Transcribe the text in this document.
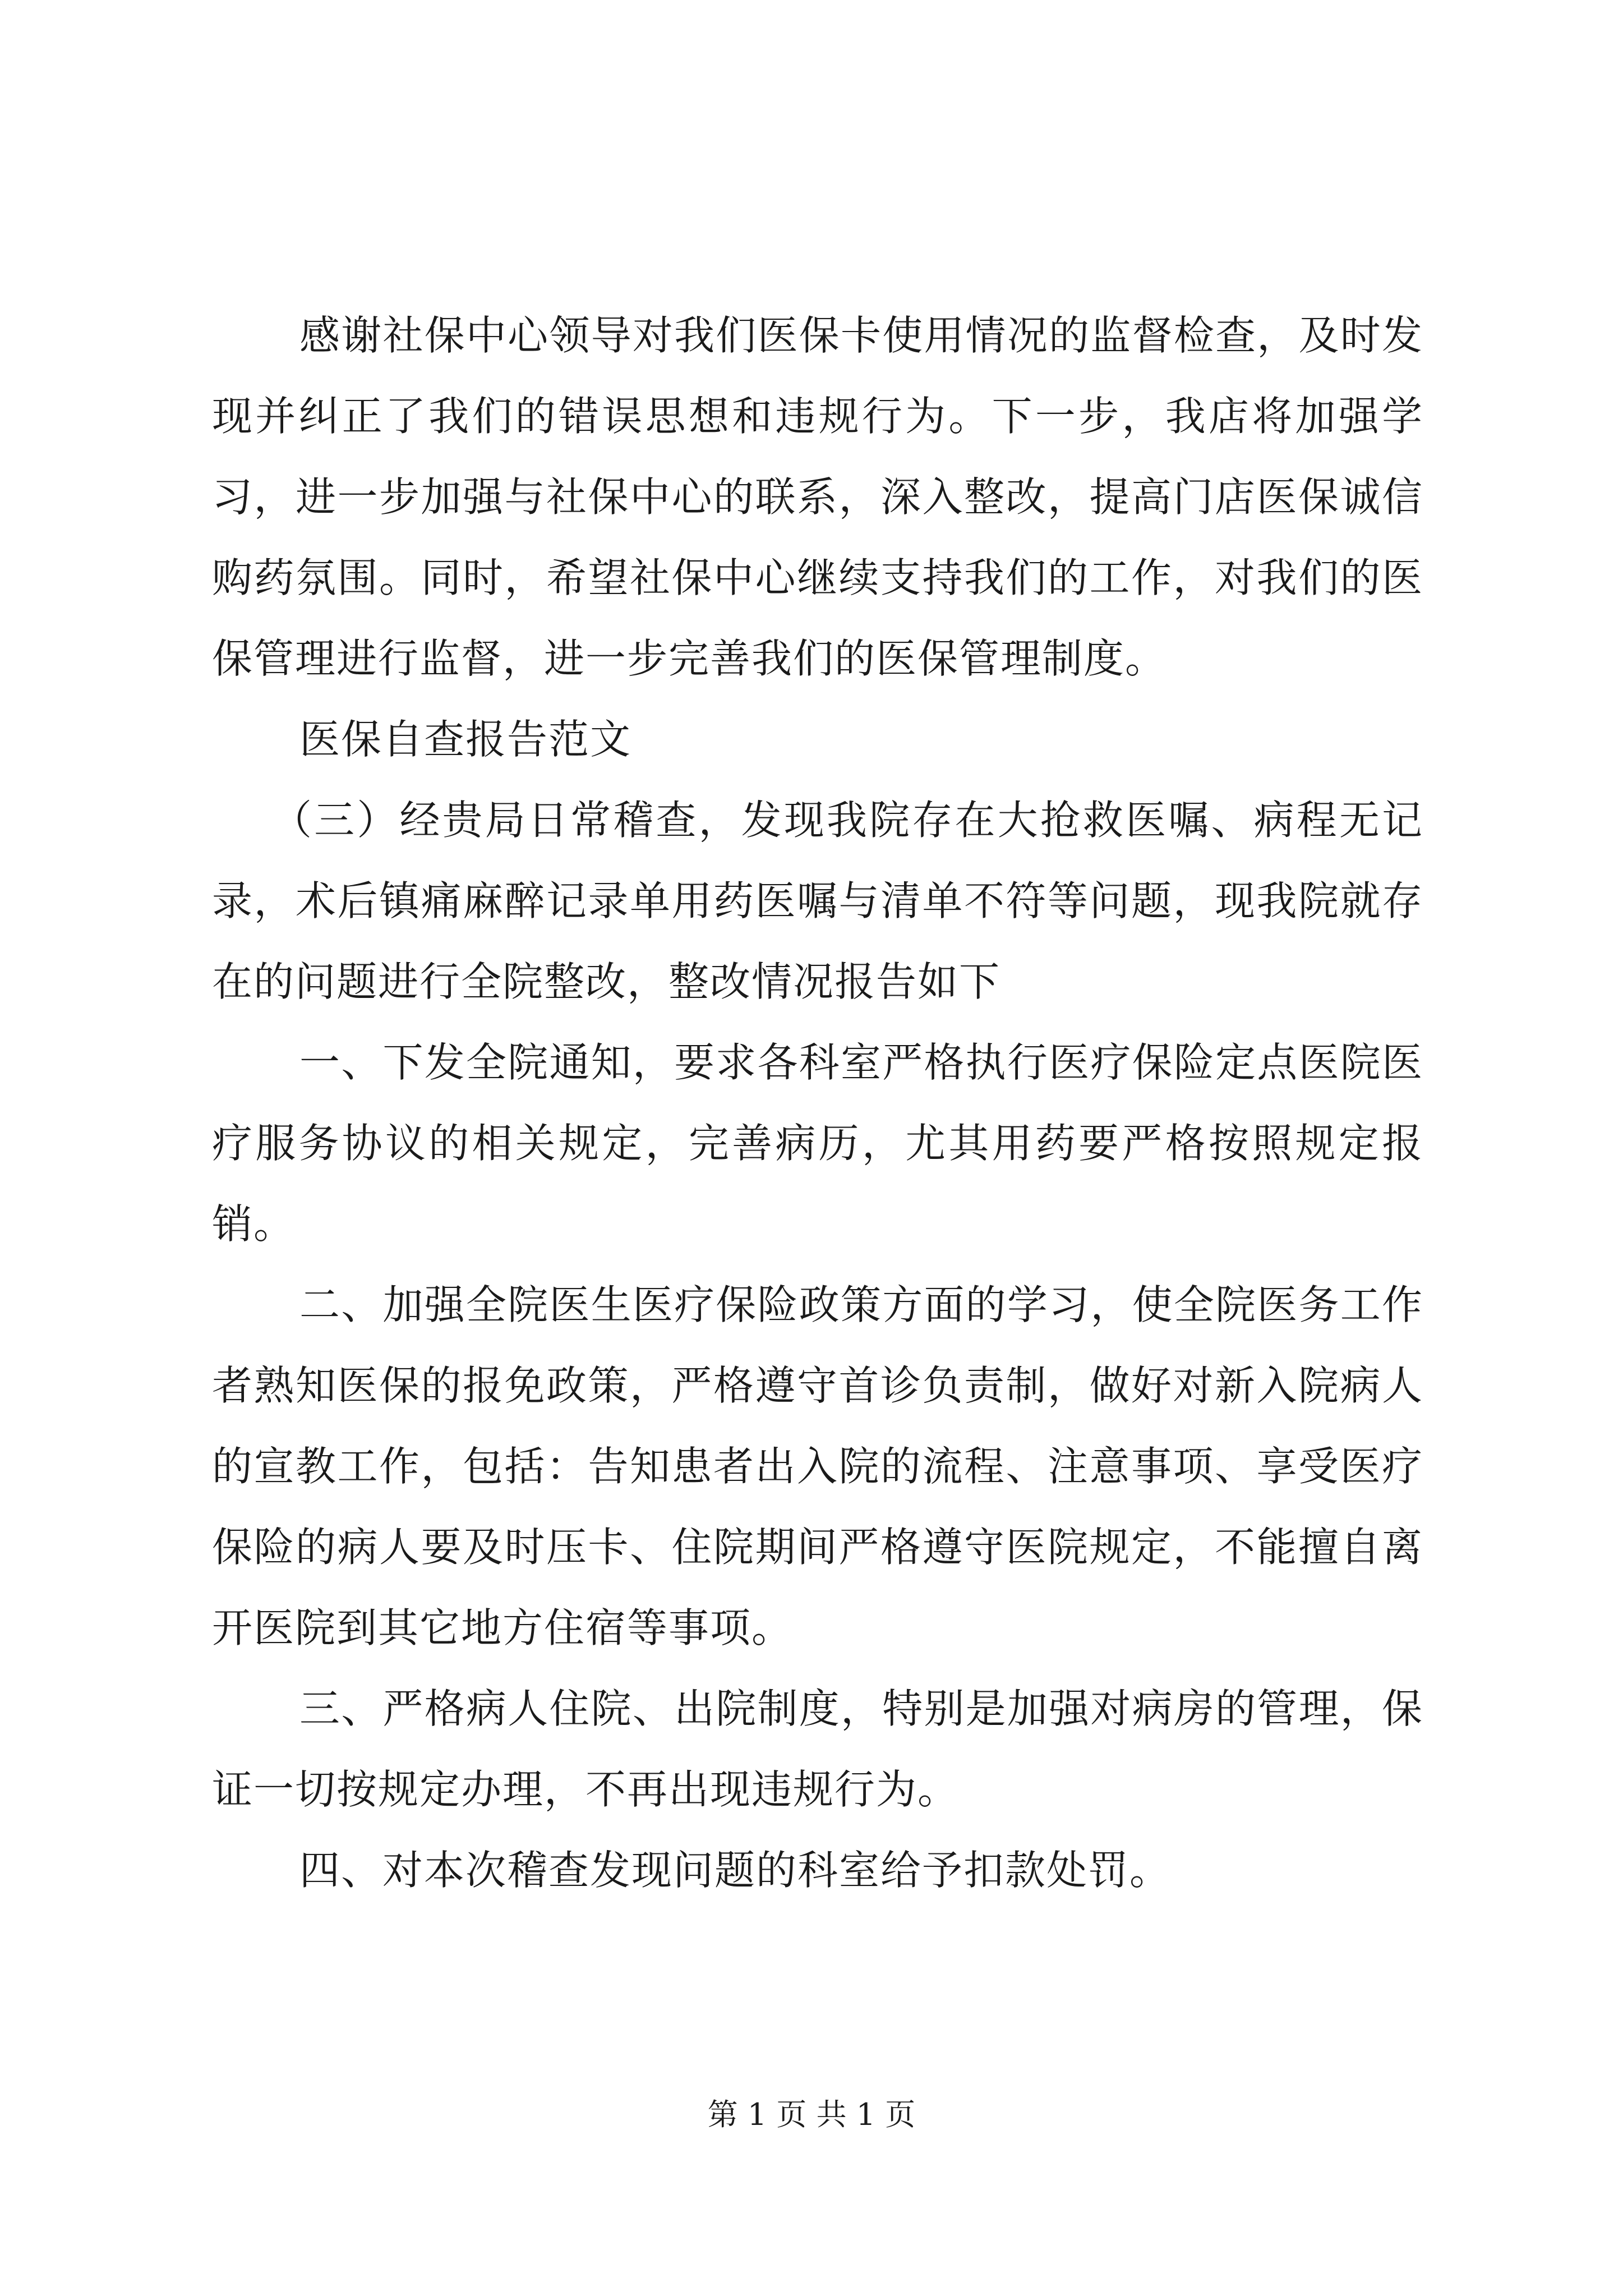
感谢社保中心领导对我们医保卡使用情况的监督检查，及时发现并纠正了我们的错误思想和违规行为。下一步，我店将加强学习，进一步加强与社保中心的联系，深入整改，提高门店医保诚信购药氛围。同时，希望社保中心继续支持我们的工作，对我们的医保管理进行监督，进一步完善我们的医保管理制度。

医保自查报告范文

（三）经贵局日常稽查，发现我院存在大抢救医嘱、病程无记录，术后镇痛麻醉记录单用药医嘱与清单不符等问题，现我院就存在的问题进行全院整改，整改情况报告如下

一、下发全院通知，要求各科室严格执行医疗保险定点医院医疗服务协议的相关规定，完善病历，尤其用药要严格按照规定报销。

二、加强全院医生医疗保险政策方面的学习，使全院医务工作者熟知医保的报免政策，严格遵守首诊负责制，做好对新入院病人的宣教工作，包括：告知患者出入院的流程、注意事项、享受医疗保险的病人要及时压卡、住院期间严格遵守医院规定，不能擅自离开医院到其它地方住宿等事项。

三、严格病人住院、出院制度，特别是加强对病房的管理，保证一切按规定办理，不再出现违规行为。

四、对本次稽查发现问题的科室给予扣款处罚。

第 1 页 共 1 页
